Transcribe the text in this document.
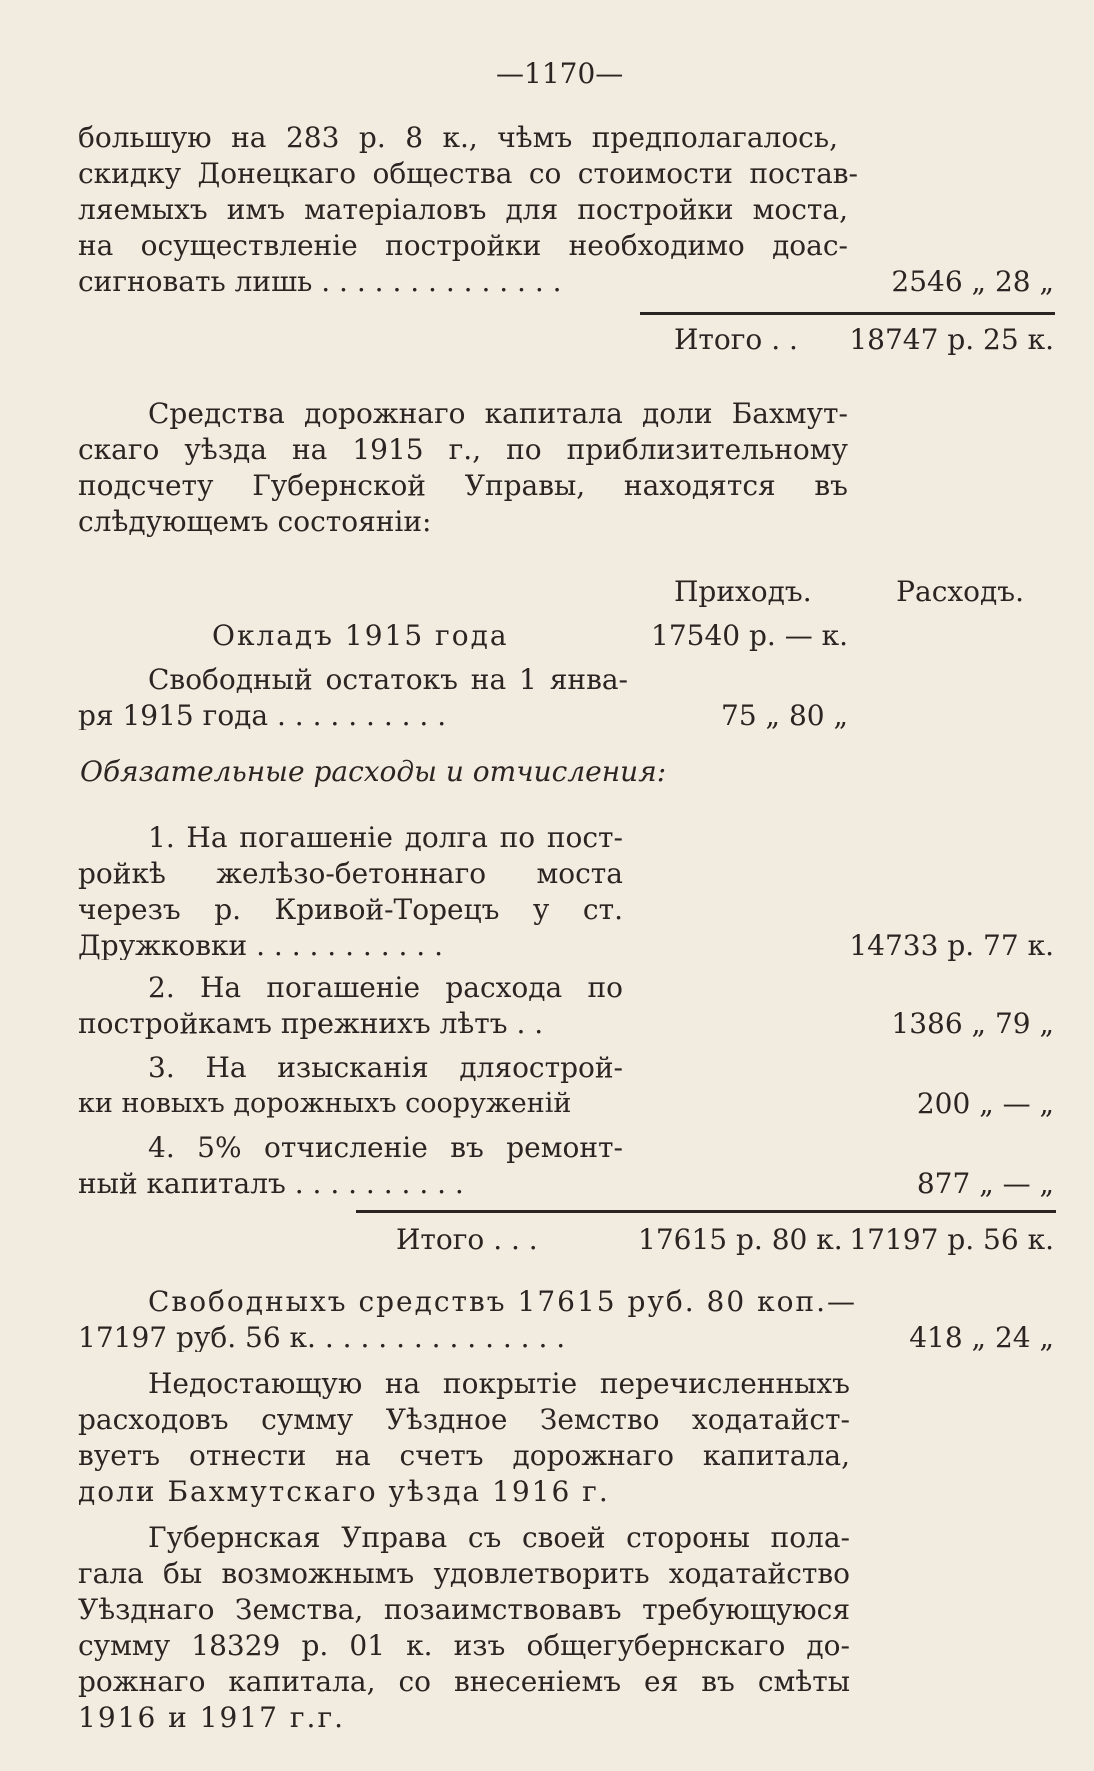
—1170—
большую на 283 р. 8 к., чѣмъ предполагалось,
скидку Донецкаго общества со стоимости постав-
ляемыхъ имъ матеріаловъ для постройки моста,
на осуществленіе постройки необходимо доас-
сигновать лишь . . . . . . . . . . . . . .	2546 „ 28 „
Итого . . 18747 р. 25 к.
Средства дорожнаго капитала доли Бахмут-
скаго уѣзда на 1915 г., по приблизительному
подсчету Губернской Управы, находятся въ
слѣдующемъ состояніи:
Приходъ.	Расходъ.
Окладъ 1915 года	17540 р. — к.
Свободный остатокъ на 1 янва-
ря 1915 года . . . . . . . . . .	75 „ 80 „
Обязательные расходы и отчисления:
1. На погашеніе долга по пост-
ройкѣ желѣзо-бетоннаго моста
черезъ р. Кривой-Торецъ у ст.
Дружковки . . . . . . . . . . .	14733 р. 77 к.
2. На погашеніе расхода по
постройкамъ прежнихъ лѣтъ . .	1386 „ 79 „
3. На изысканія дляострой-
ки новыхъ дорожныхъ сооруженій	200 „ — „
4. 5% отчисленіе въ ремонт-
ный капиталъ . . . . . . . . . .	877 „ — „
Итого . . .	17615 р. 80 к. 17197 р. 56 к.
Свободныхъ средствъ 17615 руб. 80 коп.—
17197 руб. 56 к. . . . . . . . . . . . . . .	418 „ 24 „
Недостающую на покрытіе перечисленныхъ
расходовъ сумму Уѣздное Земство ходатайст-
вуетъ отнести на счетъ дорожнаго капитала,
доли Бахмутскаго уѣзда 1916 г.
Губернская Управа съ своей стороны пола-
гала бы возможнымъ удовлетворить ходатайство
Уѣзднаго Земства, позаимствовавъ требующуюся
сумму 18329 р. 01 к. изъ общегубернскаго до-
рожнаго капитала, со внесеніемъ ея въ смѣты
1916 и 1917 г.г.
